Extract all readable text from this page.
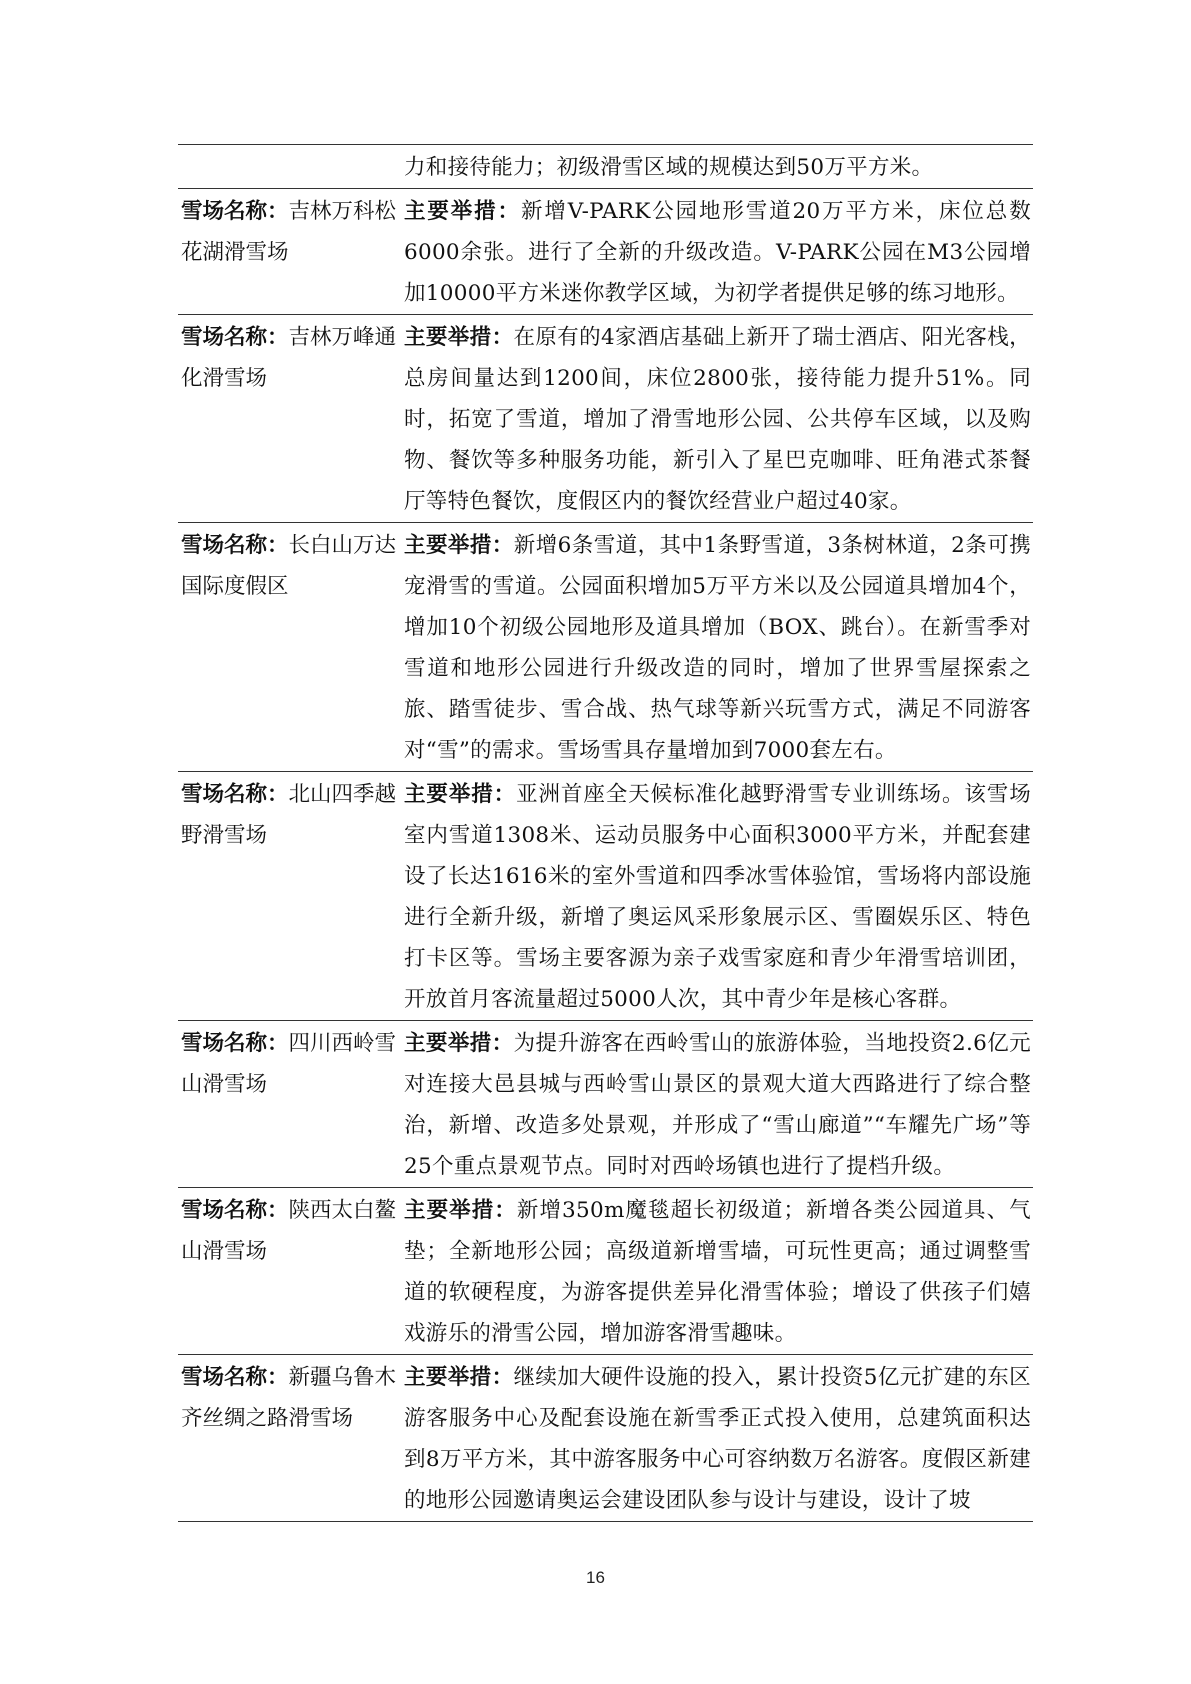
	力和接待能力；初级滑雪区域的规模达到50万平方米。
雪场名称：吉林万科松花湖滑雪场	主要举措：新增V-PARK公园地形雪道20万平方米，床位总数6000余张。进行了全新的升级改造。V-PARK公园在M3公园增加10000平方米迷你教学区域，为初学者提供足够的练习地形。
雪场名称：吉林万峰通化滑雪场	主要举措：在原有的4家酒店基础上新开了瑞士酒店、阳光客栈，总房间量达到1200间，床位2800张，接待能力提升51%。同时，拓宽了雪道，增加了滑雪地形公园、公共停车区域，以及购物、餐饮等多种服务功能，新引入了星巴克咖啡、旺角港式茶餐厅等特色餐饮，度假区内的餐饮经营业户超过40家。
雪场名称：长白山万达国际度假区	主要举措：新增6条雪道，其中1条野雪道，3条树林道，2条可携宠滑雪的雪道。公园面积增加5万平方米以及公园道具增加4个，增加10个初级公园地形及道具增加（BOX、跳台）。在新雪季对雪道和地形公园进行升级改造的同时，增加了世界雪屋探索之旅、踏雪徒步、雪合战、热气球等新兴玩雪方式，满足不同游客对“雪”的需求。雪场雪具存量增加到7000套左右。
雪场名称：北山四季越野滑雪场	主要举措：亚洲首座全天候标准化越野滑雪专业训练场。该雪场室内雪道1308米、运动员服务中心面积3000平方米，并配套建设了长达1616米的室外雪道和四季冰雪体验馆，雪场将内部设施进行全新升级，新增了奥运风采形象展示区、雪圈娱乐区、特色打卡区等。雪场主要客源为亲子戏雪家庭和青少年滑雪培训团，开放首月客流量超过5000人次，其中青少年是核心客群。
雪场名称：四川西岭雪山滑雪场	主要举措：为提升游客在西岭雪山的旅游体验，当地投资2.6亿元对连接大邑县城与西岭雪山景区的景观大道大西路进行了综合整治，新增、改造多处景观，并形成了“雪山廊道”“车耀先广场”等25个重点景观节点。同时对西岭场镇也进行了提档升级。
雪场名称：陕西太白鳌山滑雪场	主要举措：新增350m魔毯超长初级道；新增各类公园道具、气垫；全新地形公园；高级道新增雪墙，可玩性更高；通过调整雪道的软硬程度，为游客提供差异化滑雪体验；增设了供孩子们嬉戏游乐的滑雪公园，增加游客滑雪趣味。
雪场名称：新疆乌鲁木齐丝绸之路滑雪场	主要举措：继续加大硬件设施的投入，累计投资5亿元扩建的东区游客服务中心及配套设施在新雪季正式投入使用，总建筑面积达到8万平方米，其中游客服务中心可容纳数万名游客。度假区新建的地形公园邀请奥运会建设团队参与设计与建设，设计了坡
16
